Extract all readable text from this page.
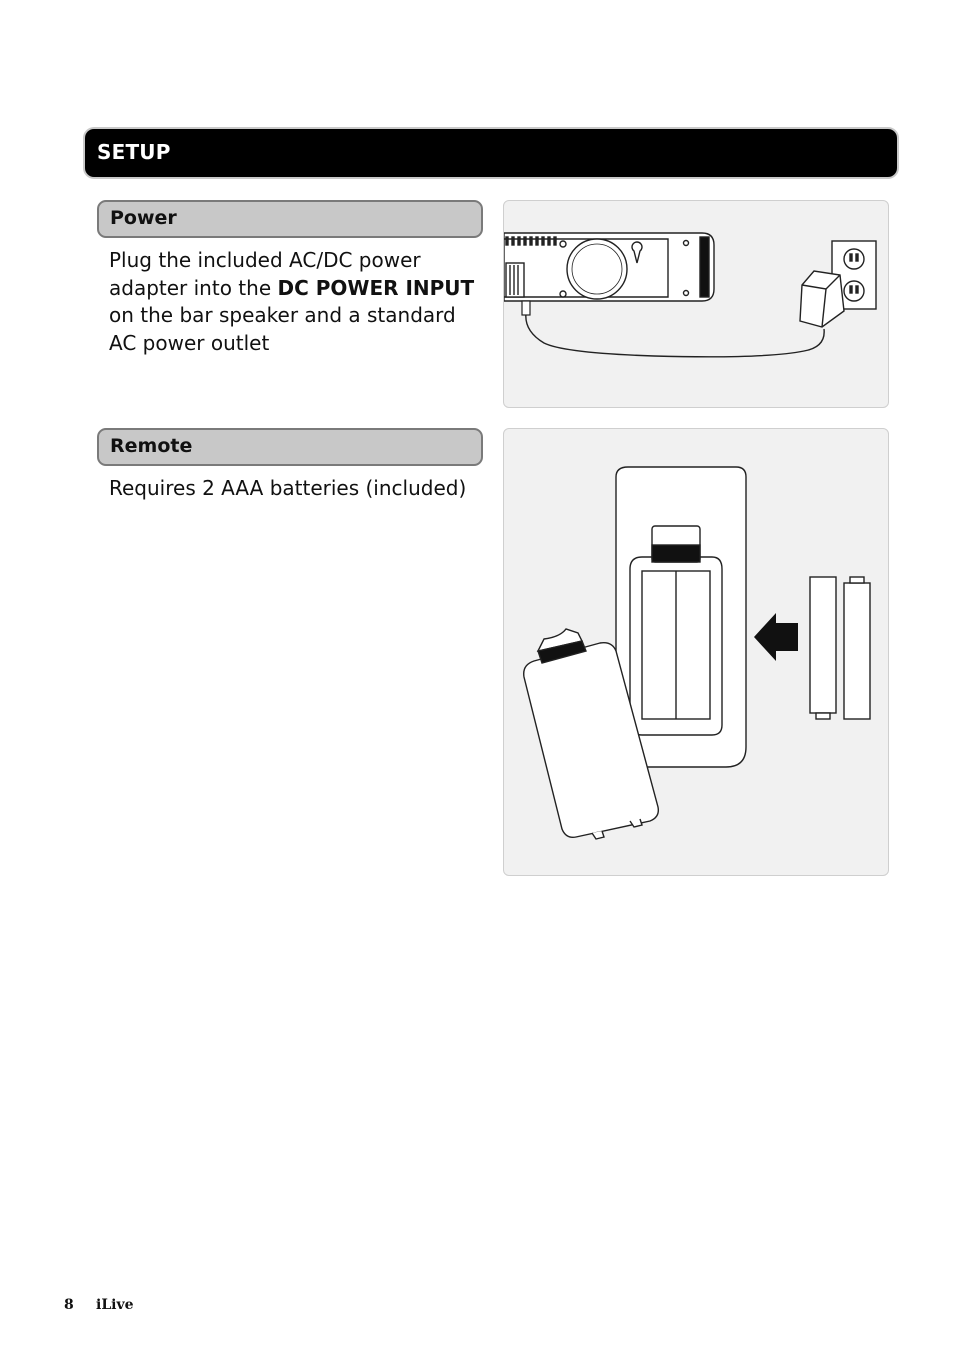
SETUP
Power
Plug the included AC/DC power adapter into the DC POWER INPUT on the bar speaker and a standard AC power outlet
Remote
Requires 2 AAA batteries (included)
8 iLive
